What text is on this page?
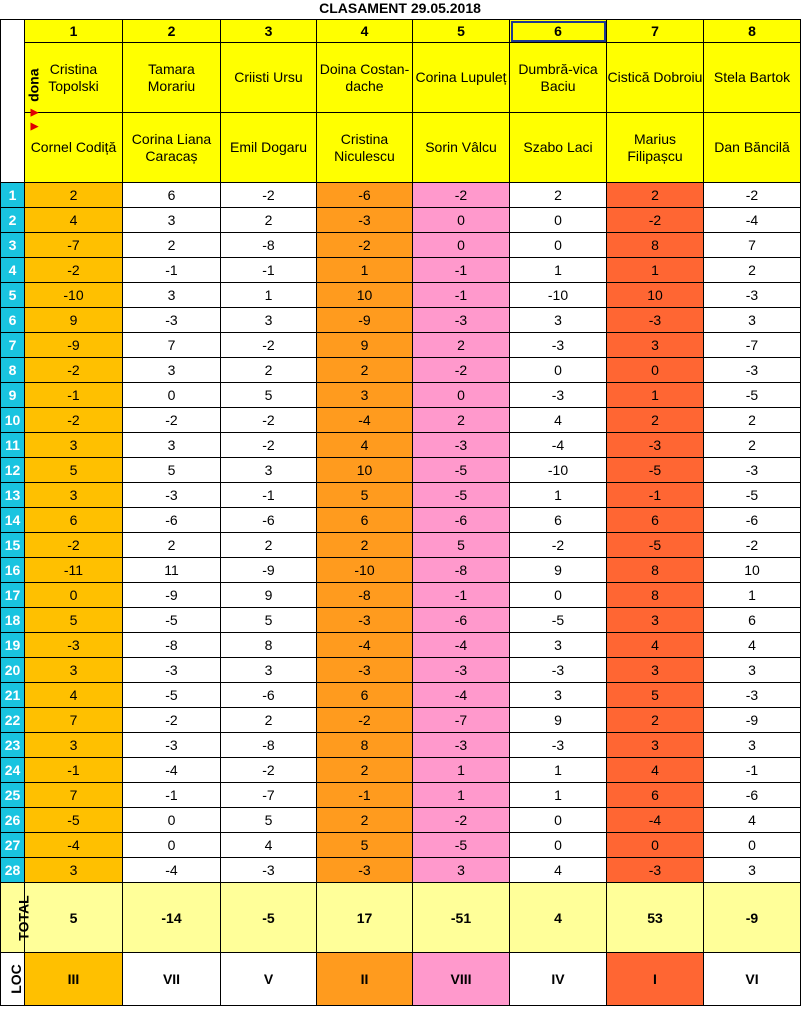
CLASAMENT 29.05.2018
▼▼ dona	1	2	3	4	5	6	7	8
	Cristina Topolski	Tamara Morariu	Criisti Ursu	Doina Costan-dache	Corina Lupuleț	Dumbră-vica Baciu	Cistică Dobroiu	Stela Bartok
	Cornel Codiță	Corina Liana Caracaș	Emil Dogaru	Cristina Niculescu	Sorin Vâlcu	Szabo Laci	Marius Filipașcu	Dan Băncilă
1	2	6	-2	-6	-2	2	2	-2
2	4	3	2	-3	0	0	-2	-4
3	-7	2	-8	-2	0	0	8	7
4	-2	-1	-1	1	-1	1	1	2
5	-10	3	1	10	-1	-10	10	-3
6	9	-3	3	-9	-3	3	-3	3
7	-9	7	-2	9	2	-3	3	-7
8	-2	3	2	2	-2	0	0	-3
9	-1	0	5	3	0	-3	1	-5
10	-2	-2	-2	-4	2	4	2	2
11	3	3	-2	4	-3	-4	-3	2
12	5	5	3	10	-5	-10	-5	-3
13	3	-3	-1	5	-5	1	-1	-5
14	6	-6	-6	6	-6	6	6	-6
15	-2	2	2	2	5	-2	-5	-2
16	-11	11	-9	-10	-8	9	8	10
17	0	-9	9	-8	-1	0	8	1
18	5	-5	5	-3	-6	-5	3	6
19	-3	-8	8	-4	-4	3	4	4
20	3	-3	3	-3	-3	-3	3	3
21	4	-5	-6	6	-4	3	5	-3
22	7	-2	2	-2	-7	9	2	-9
23	3	-3	-8	8	-3	-3	3	3
24	-1	-4	-2	2	1	1	4	-1
25	7	-1	-7	-1	1	1	6	-6
26	-5	0	5	2	-2	0	-4	4
27	-4	0	4	5	-5	0	0	0
28	3	-4	-3	-3	3	4	-3	3
TOTAL	5	-14	-5	17	-51	4	53	-9
LOC	III	VII	V	II	VIII	IV	I	VI
